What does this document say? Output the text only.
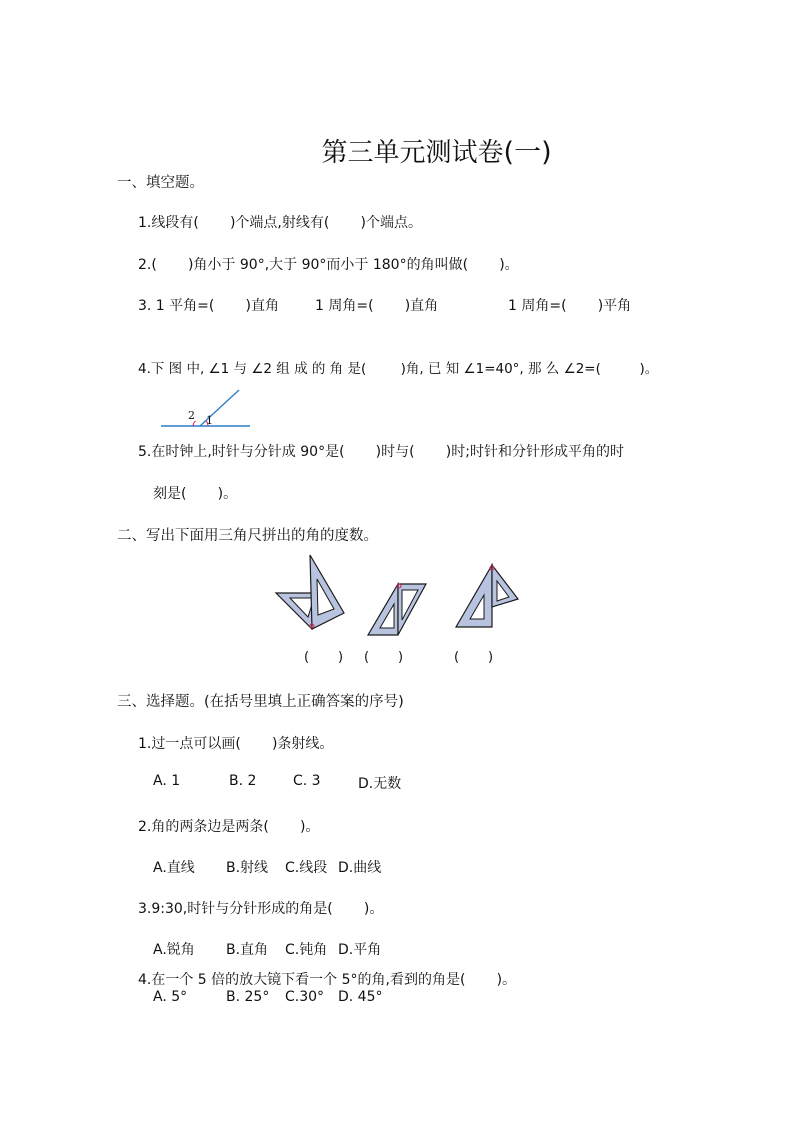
第三单元测试卷(一)

一、填空题。
1.线段有(       )个端点,射线有(       )个端点。
2.(       )角小于 90°,大于 90°而小于 180°的角叫做(       )。
3. 1 平角=(       )直角	1 周角=(       )直角	1 周角=(       )平角
4.下 图 中, ∠1 与 ∠2 组 成 的 角 是(        )角, 已 知 ∠1=40°, 那 么 ∠2=(         )。
1
2
5.在时钟上,时针与分针成 90°是(       )时与(       )时;时针和分针形成平角的时
刻是(       )。
二、写出下面用三角尺拼出的角的度数。
(       ) (       )	(       )
三、选择题。(在括号里填上正确答案的序号)
1.过一点可以画(       )条射线。
A. 1	B. 2	C. 3	D.无数
2.角的两条边是两条(       )。
A.直线 B.射线 C.线段 D.曲线
3.9:30,时针与分针形成的角是(       )。
A.锐角 B.直角 C.钝角 D.平角
4.在一个 5 倍的放大镜下看一个 5°的角,看到的角是(       )。
A. 5°	B. 25° C.30° D. 45°
